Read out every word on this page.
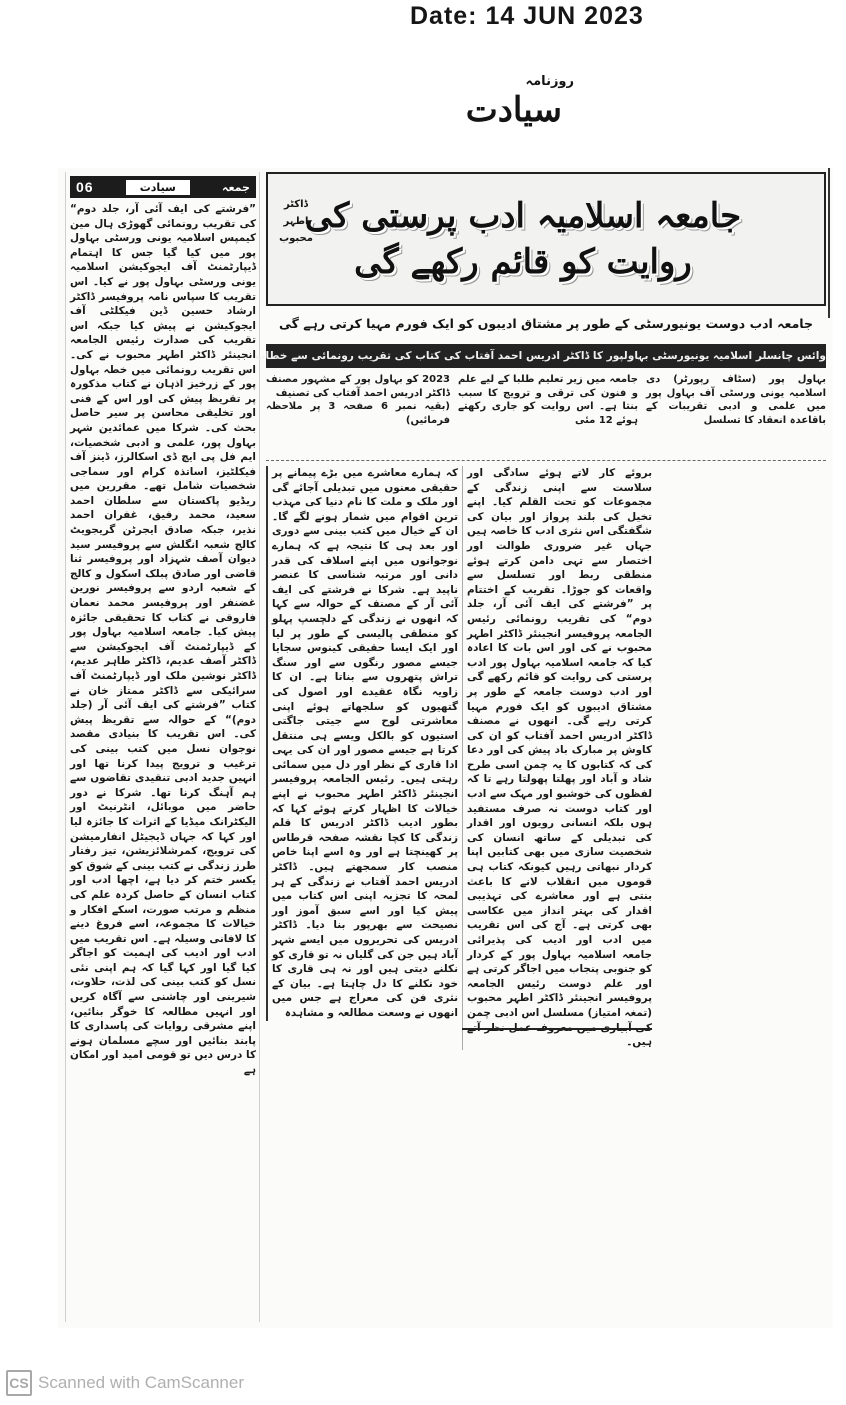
Date: 14 JUN 2023
روزنامہ
سیادت
06	سیادت	جمعہ

”فرشتے کی ایف آئی آر، جلد دوم“ کی تقریب رونمائی گھوڑی ہال مین کیمپس اسلامیہ یونی ورسٹی بہاول پور میں کیا گیا جس کا اہتمام ڈیپارٹمنٹ آف ایجوکیشن اسلامیہ یونی ورسٹی بہاول پور نے کیا۔ اس تقریب کا سپاس نامہ پروفیسر ڈاکٹر ارشاد حسین ڈین فیکلٹی آف ایجوکیشن نے پیش کیا جبکہ اس تقریب کی صدارت رئیس الجامعہ انجینئر ڈاکٹر اطہر محبوب نے کی۔ اس تقریب رونمائی میں خطہ بہاول پور کے زرخیز اذہان نے کتاب مذکورہ پر تقریظ پیش کی اور اس کے فنی اور تخلیقی محاسن پر سیر حاصل بحث کی۔ شرکا میں عمائدین شہر بہاول پور، علمی و ادبی شخصیات، ایم فل پی ایچ ڈی اسکالرز، ڈینز آف فیکلٹیز، اساتذہ کرام اور سماجی شخصیات شامل تھے۔ مقررین میں ریڈیو پاکستان سے سلطان احمد سعید، محمد رفیق، غفران احمد نذیر، جبکہ صادق ایجرٹن گریجویٹ کالج شعبہ انگلش سے پروفیسر سید دیوان آصف شہزاد اور پروفیسر ثنا قاضی اور صادق پبلک اسکول و کالج کے شعبہ اردو سے پروفیسر نورین غضنفر اور پروفیسر محمد نعمان فاروقی نے کتاب کا تحقیقی جائزہ پیش کیا۔ جامعہ اسلامیہ بہاول پور کے ڈیپارٹمنٹ آف ایجوکیشن سے ڈاکٹر آصف عدیم، ڈاکٹر طاہر عدیم، ڈاکٹر نوشین ملک اور ڈیپارٹمنٹ آف سرائیکی سے ڈاکٹر ممتاز خان نے کتاب ”فرشتے کی ایف آئی آر (جلد دوم)“ کے حوالہ سے تقریظ پیش کی۔ اس تقریب کا بنیادی مقصد نوجوان نسل میں کتب بینی کی ترغیب و ترویج پیدا کرنا تھا اور انہیں جدید ادبی تنقیدی تقاضوں سے ہم آہنگ کرنا تھا۔ شرکا نے دور حاضر میں موبائل، انٹرنیٹ اور الیکٹرانک میڈیا کے اثرات کا جائزہ لیا اور کہا کہ جہاں ڈیجیٹل انفارمیشن کی ترویج، کمرشلائزیشن، تیز رفتار طرز زندگی نے کتب بینی کے شوق کو یکسر ختم کر دیا ہے، اچھا ادب اور کتاب انسان کے حاصل کردہ علم کی منظم و مرتب صورت، اسکے افکار و خیالات کا مجموعہ، اسے فروغ دینے کا لافانی وسیلہ ہے۔ اس تقریب میں ادب اور ادیب کی اہمیت کو اجاگر کیا گیا اور کہا گیا کہ ہم اپنی نئی نسل کو کتب بینی کی لذت، حلاوت، شیرینی اور چاشنی سے آگاہ کریں اور انہیں مطالعہ کا خوگر بنائیں، اپنے مشرقی روایات کی پاسداری کا پابند بنائیں اور سچے مسلمان ہونے کا درس دیں تو قومی امید اور امکان ہے

جامعہ اسلامیہ ادب پرستی کی روایت کو قائم رکھے گی
ڈاکٹر اطہر محبوب
جامعہ ادب دوست یونیورسٹی کے طور پر مشتاق ادیبوں کو ایک فورم مہیا کرتی رہے گی
وائس چانسلر اسلامیہ یونیورسٹی بہاولپور کا ڈاکٹر ادریس احمد آفتاب کی کتاب کی تقریب رونمائی سے خطاب

بہاول پور (سٹاف رپورٹر) دی اسلامیہ یونی ورسٹی آف بہاول پور میں علمی و ادبی تقریبات کے باقاعدہ انعقاد کا تسلسل

جامعہ میں زیر تعلیم طلبا کے لیے علم و فنون کی ترقی و ترویج کا سبب بنتا ہے۔ اس روایت کو جاری رکھتے ہوئے 12 مئی

2023 کو بہاول پور کے مشہور مصنف ڈاکٹر ادریس احمد آفتاب کی تصنیف

(بقیہ نمبر 6 صفحہ 3 پر ملاحظہ فرمائیں)

کہ ہمارے معاشرے میں بڑے پیمانے پر حقیقی معنوں میں تبدیلی آجائے گی اور ملک و ملت کا نام دنیا کی مہذب ترین اقوام میں شمار ہونے لگے گا۔ ان کے خیال میں کتب بینی سے دوری اور بعد ہی کا نتیجہ ہے کہ ہمارے نوجوانوں میں اپنے اسلاف کی قدر دانی اور مرتبہ شناسی کا عنصر ناپید ہے۔ شرکا نے فرشتے کی ایف آئی آر کے مصنف کے حوالہ سے کہا کہ انھوں نے زندگی کے دلچسپ پہلو کو منطقی پالیسی کے طور پر لیا اور ایک ایسا حقیقی کینوس سجایا جیسے مصور رنگوں سے اور سنگ تراش پتھروں سے بناتا ہے۔ ان کا زاویہ نگاہ عقیدے اور اصول کی گتھیوں کو سلجھاتے ہوئے اپنی معاشرتی لوح سے جیتی جاگتی استیوں کو بالکل ویسے ہی منتقل کرتا ہے جیسے مصور اور ان کی یہی ادا قاری کے نظر اور دل میں سمائی رہتی ہیں۔ رئیس الجامعہ پروفیسر انجینئر ڈاکٹر اطہر محبوب نے اپنے خیالات کا اظہار کرتے ہوئے کہا کہ بطور ادیب ڈاکٹر ادریس کا قلم زندگی کا کچا نقشہ صفحہ قرطاس پر کھینچتا ہے اور وہ اسے اپنا خاص منصب کار سمجھتے ہیں۔ ڈاکٹر ادریس احمد آفتاب نے زندگی کے ہر لمحہ کا تجزیہ اپنی اس کتاب میں پیش کیا اور اسے سبق آموز اور نصیحت سے بھرپور بنا دیا۔ ڈاکٹر ادریس کی تحریروں میں ایسے شہر آباد ہیں جن کی گلیاں نہ تو قاری کو نکلنے دیتی ہیں اور نہ ہی قاری کا خود نکلنے کا دل چاہتا ہے۔ بیان کے نثری فن کی معراج ہے جس میں انھوں نے وسعت مطالعہ و مشاہدہ

بروئے کار لاتے ہوئے سادگی اور سلاست سے اپنی زندگی کے مجموعات کو تحت القلم کیا۔ اپنے تخیل کی بلند پرواز اور بیان کی شگفتگی اس نثری ادب کا خاصہ ہیں جہاں غیر ضروری طوالت اور اختصار سے تہی دامن کرتے ہوئے منطقی ربط اور تسلسل سے واقعات کو جوڑا۔ تقریب کے اختتام پر ”فرشتے کی ایف آئی آر، جلد دوم“ کی تقریب رونمائی رئیس الجامعہ پروفیسر انجینئر ڈاکٹر اطہر محبوب نے کی اور اس بات کا اعادہ کیا کہ جامعہ اسلامیہ بہاول پور ادب پرستی کی روایت کو قائم رکھے گی اور ادب دوست جامعہ کے طور پر مشتاق ادیبوں کو ایک فورم مہیا کرتی رہے گی۔ انھوں نے مصنف ڈاکٹر ادریس احمد آفتاب کو ان کی کاوش پر مبارک باد پیش کی اور دعا کی کہ کتابوں کا یہ چمن اسی طرح شاد و آباد اور پھلتا پھولتا رہے تا کہ لفظوں کی خوشبو اور مہک سے ادب اور کتاب دوست نہ صرف مستفید ہوں بلکہ انسانی رویوں اور اقدار کی تبدیلی کے ساتھ انسان کی شخصیت سازی میں بھی کتابیں اپنا کردار نبھاتی رہیں کیونکہ کتاب ہی قوموں میں انقلاب لانے کا باعث بنتی ہے اور معاشرے کی تہذیبی اقدار کی بہتر انداز میں عکاسی بھی کرتی ہے۔ آج کی اس تقریب میں ادب اور ادیب کی پذیرائی جامعہ اسلامیہ بہاول پور کے کردار کو جنوبی پنجاب میں اجاگر کرتی ہے اور علم دوست رئیس الجامعہ پروفیسر انجینئر ڈاکٹر اطہر محبوب (تمغہ امتیاز) مسلسل اس ادبی چمن کی آبیاری میں معروف عمل نظر آتے ہیں۔

CS Scanned with CamScanner
